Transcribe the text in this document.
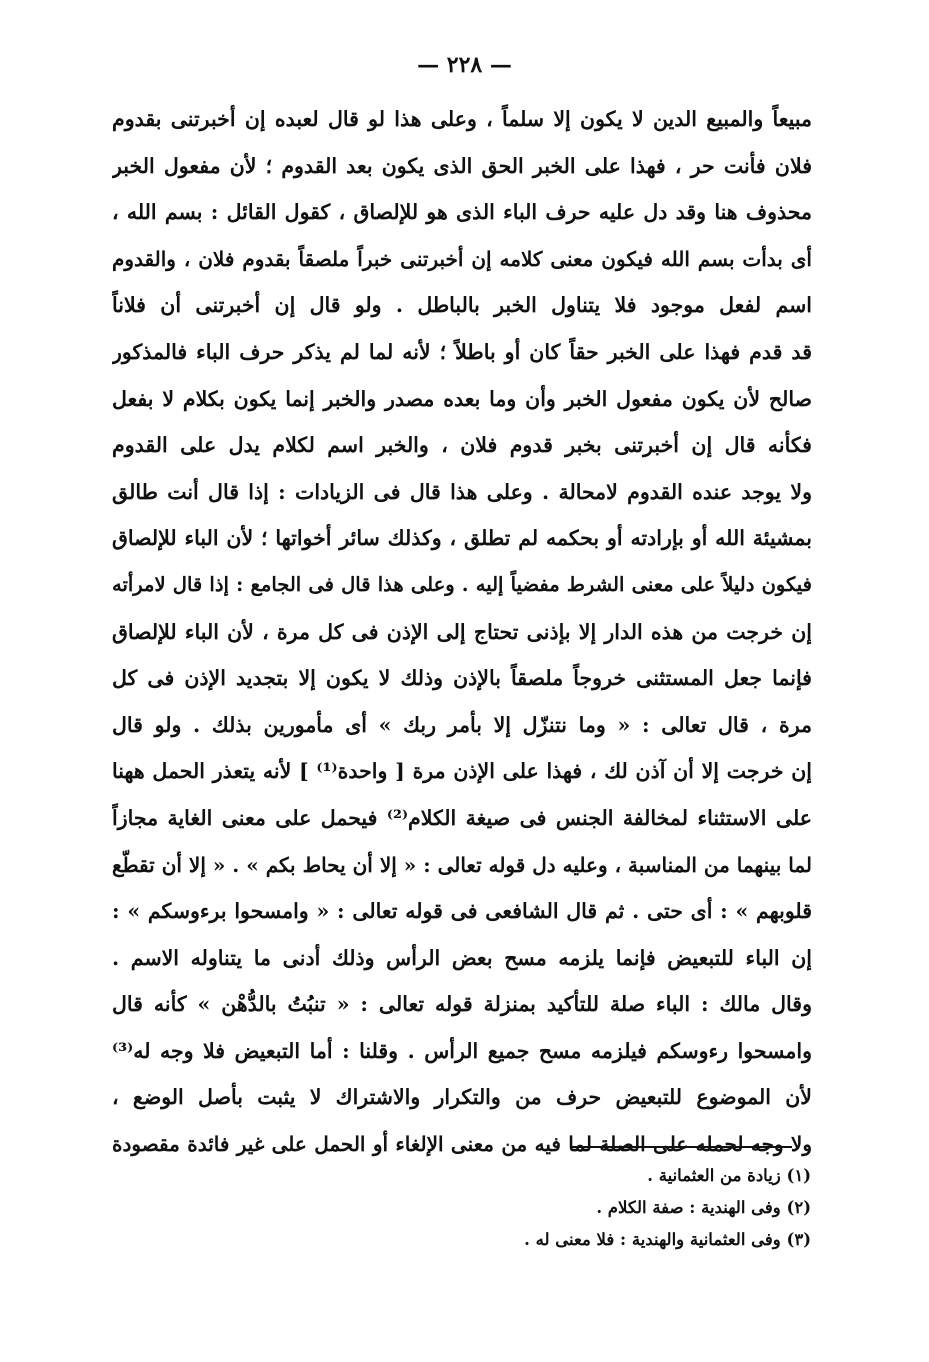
— ٢٢٨ —
مبيعاً والمبيع الدين لا يكون إلا سلماً ، وعلى هذا لو قال لعبده إن أخبرتنى بقدوم
فلان فأنت حر ، فهذا على الخبر الحق الذى يكون بعد القدوم ؛ لأن مفعول الخبر
محذوف هنا وقد دل عليه حرف الباء الذى هو للإلصاق ، كقول القائل : بسم الله ،
أى بدأت بسم الله فيكون معنى كلامه إن أخبرتنى خبراً ملصقاً بقدوم فلان ، والقدوم
اسم لفعل موجود فلا يتناول الخبر بالباطل . ولو قال إن أخبرتنى أن فلاناً
قد قدم فهذا على الخبر حقاً كان أو باطلاً ؛ لأنه لما لم يذكر حرف الباء فالمذكور
صالح لأن يكون مفعول الخبر وأن وما بعده مصدر والخبر إنما يكون بكلام لا بفعل
فكأنه قال إن أخبرتنى بخبر قدوم فلان ، والخبر اسم لكلام يدل على القدوم
ولا يوجد عنده القدوم لامحالة . وعلى هذا قال فى الزيادات : إذا قال أنت طالق
بمشيئة الله أو بإرادته أو بحكمه لم تطلق ، وكذلك سائر أخواتها ؛ لأن الباء للإلصاق
فيكون دليلاً على معنى الشرط مفضياً إليه . وعلى هذا قال فى الجامع : إذا قال لامرأته
إن خرجت من هذه الدار إلا بإذنى تحتاج إلى الإذن فى كل مرة ، لأن الباء للإلصاق
فإنما جعل المستثنى خروجاً ملصقاً بالإذن وذلك لا يكون إلا بتجديد الإذن فى كل
مرة ، قال تعالى : « وما نتنزّل إلا بأمر ربك » أى مأمورين بذلك . ولو قال
إن خرجت إلا أن آذن لك ، فهذا على الإذن مرة [ واحدة⁽¹⁾ ] لأنه يتعذر الحمل ههنا
على الاستثناء لمخالفة الجنس فى صيغة الكلام⁽²⁾ فيحمل على معنى الغاية مجازاً
لما بينهما من المناسبة ، وعليه دل قوله تعالى : « إلا أن يحاط بكم » . « إلا أن تقطّع
قلوبهم » : أى حتى . ثم قال الشافعى فى قوله تعالى : « وامسحوا برءوسكم » :
إن الباء للتبعيض فإنما يلزمه مسح بعض الرأس وذلك أدنى ما يتناوله الاسم .
وقال مالك : الباء صلة للتأكيد بمنزلة قوله تعالى : « تنبُتُ بالدُّهْن » كأنه قال
وامسحوا رءوسكم فيلزمه مسح جميع الرأس . وقلنا : أما التبعيض فلا وجه له⁽³⁾
لأن الموضوع للتبعيض حرف من والتكرار والاشتراك لا يثبت بأصل الوضع ،
ولا وجه لحمله على الصلة لما فيه من معنى الإلغاء أو الحمل على غير فائدة مقصودة
(١) زيادة من العثمانية .
(٢) وفى الهندية : صفة الكلام .
(٣) وفى العثمانية والهندية : فلا معنى له .
